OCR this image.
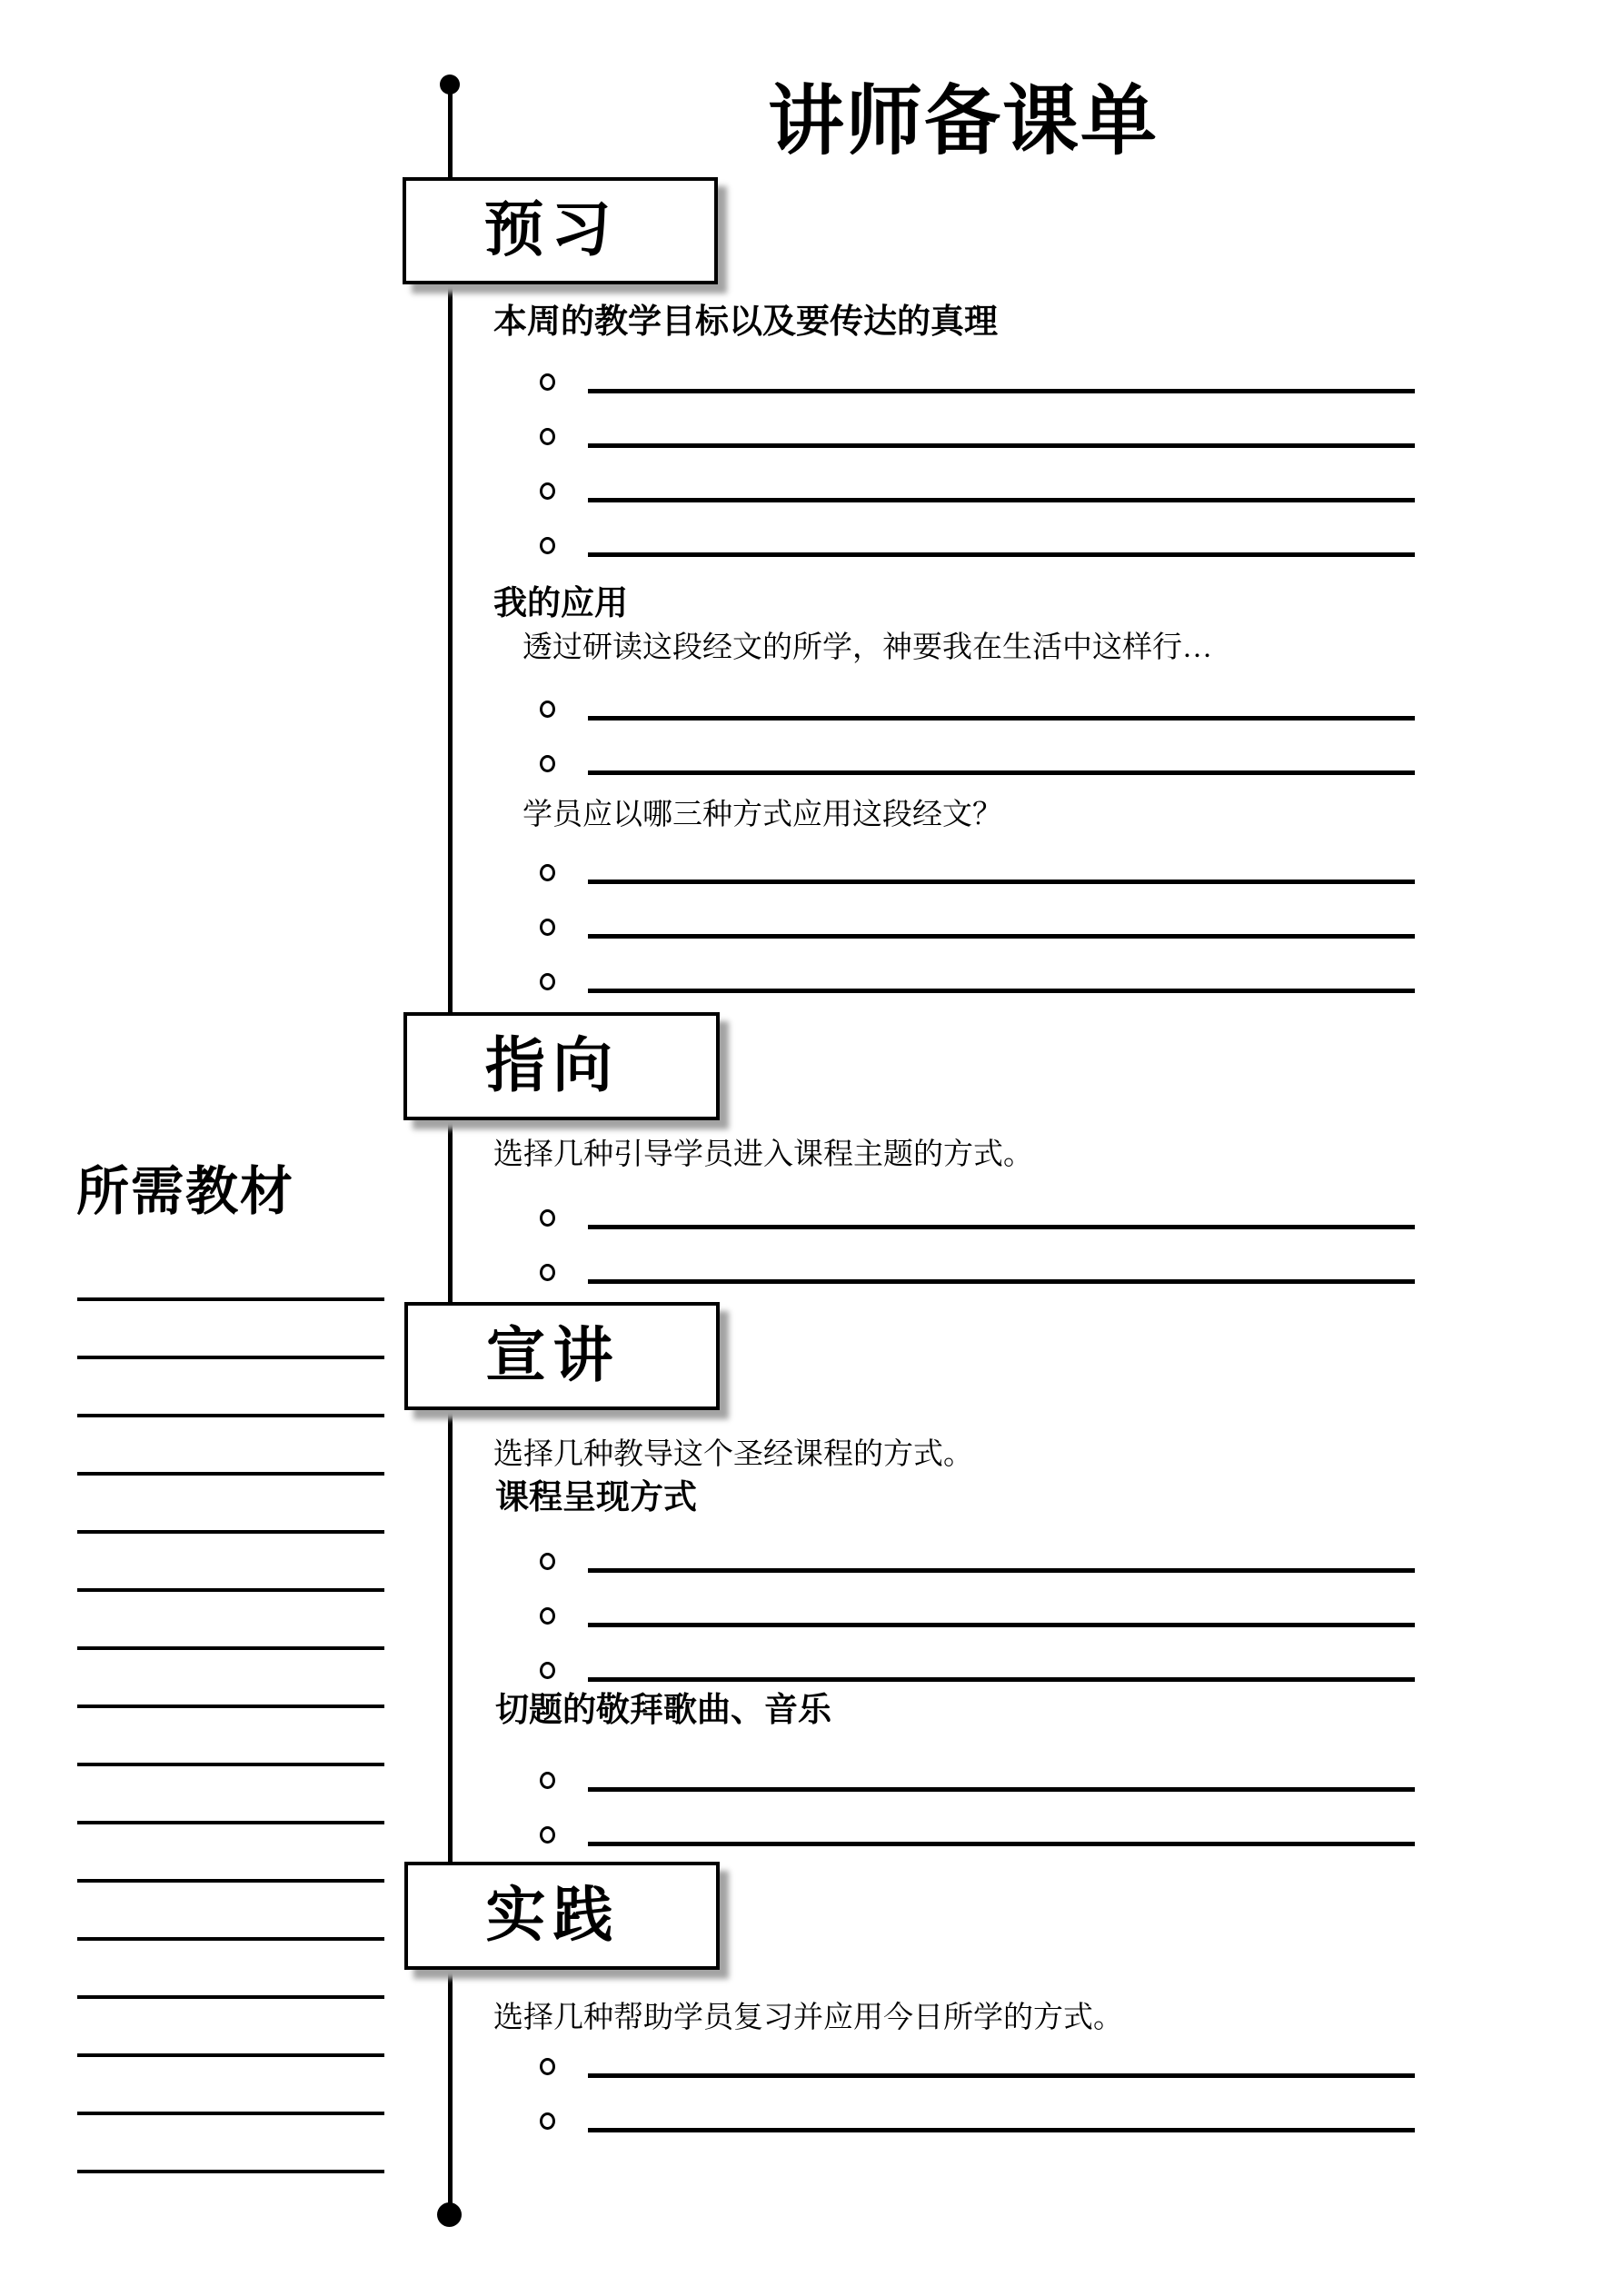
讲师备课单
预习
指向
宣讲
实践
本周的教学目标以及要传达的真理
我的应用
透过研读这段经文的所学，神要我在生活中这样行…
学员应以哪三种方式应用这段经文？
选择几种引导学员进入课程主题的方式。
所需教材
选择几种教导这个圣经课程的方式。
课程呈现方式
切题的敬拜歌曲、音乐
选择几种帮助学员复习并应用今日所学的方式。
